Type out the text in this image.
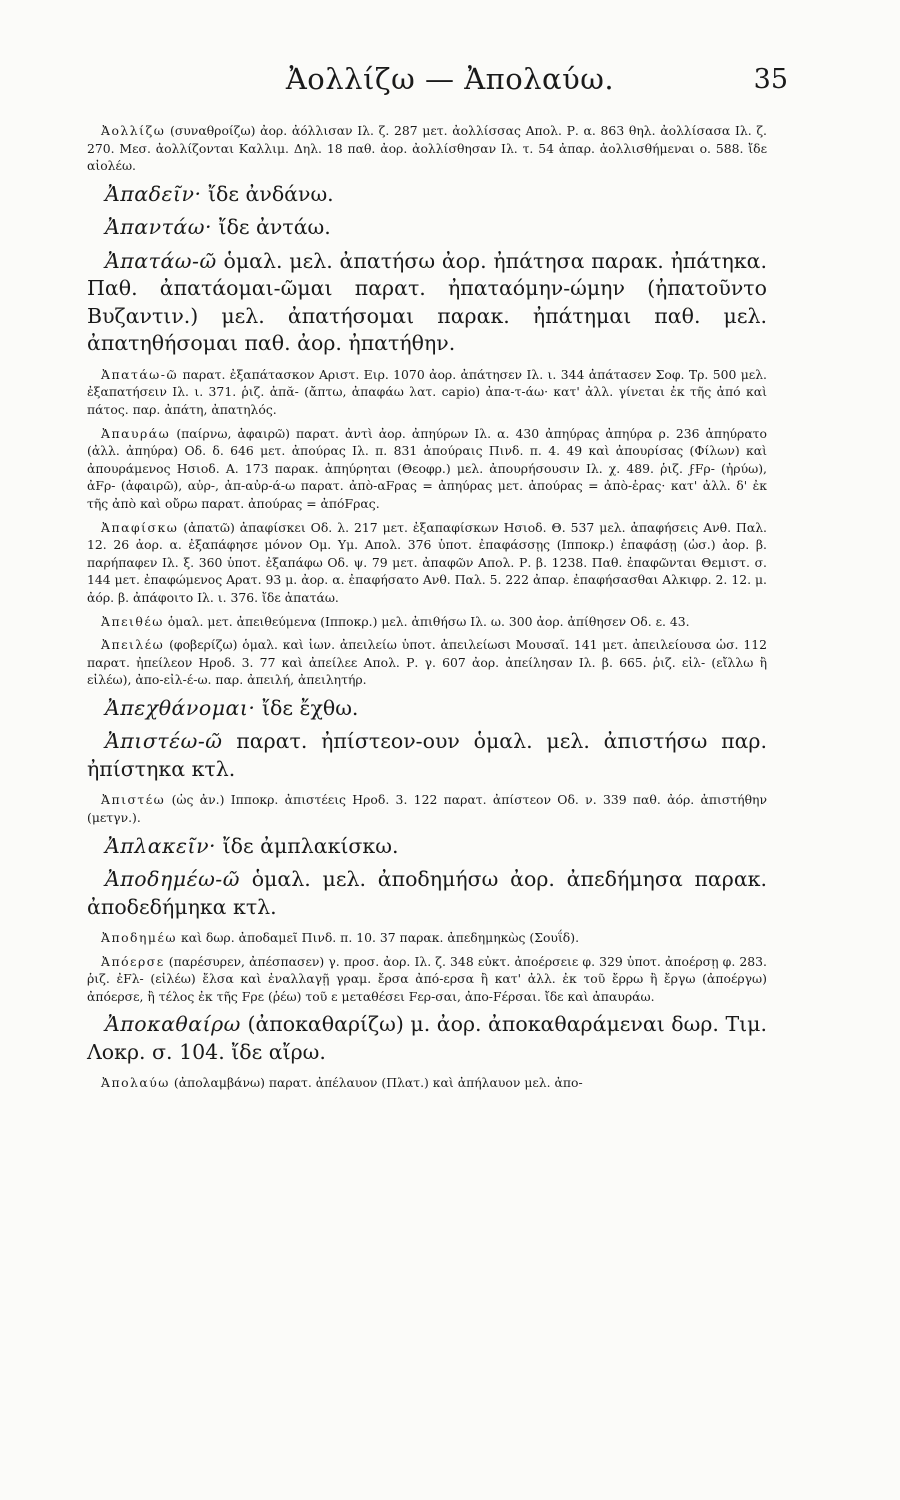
Ἀολλίζω — Ἀπολαύω.	35

Ἀολλίζω (συναθροίζω) ἀορ. ἀόλλισαν Ιλ. ζ. 287 μετ. ἀολλίσσας Απολ. Ρ. α. 863 θηλ. ἀολλίσασα Ιλ. ζ. 270. Μεσ. ἀολλίζονται Καλλιμ. Δηλ. 18 παθ. ἀορ. ἀολλίσθησαν Ιλ. τ. 54 ἀπαρ. ἀολλισθήμεναι ο. 588. ἴδε αἰολέω.

Ἀπαδεῖν· ἴδε ἀνδάνω.

Ἀπαντάω· ἴδε ἀντάω.

Ἀπατάω-ῶ ὁμαλ. μελ. ἀπατήσω ἀορ. ἠπάτησα παρακ. ἠπάτηκα. Παθ. ἀπατάομαι-ῶμαι παρατ. ἠπαταόμην-ώμην (ἠπατοῦντο Βυζαντιν.) μελ. ἀπατήσομαι παρακ. ἠπάτημαι παθ. μελ. ἀπατηθήσομαι παθ. ἀορ. ἠπατήθην.

Ἀπατάω-ῶ παρατ. ἐξαπάτασκον Αριστ. Ειρ. 1070 ἀορ. ἀπάτησεν Ιλ. ι. 344 ἀπάτασεν Σοφ. Τρ. 500 μελ. ἐξαπατήσειν Ιλ. ι. 371. ῥιζ. ἀπᾰ- (ἄπτω, ἀπαφάω λατ. capio) ἀπα-τ-άω· κατ' ἀλλ. γίνεται ἐκ τῆς ἀπό καὶ πάτος. παρ. ἀπάτη, ἀπατηλός.

Ἀπαυράω (παίρνω, ἀφαιρῶ) παρατ. ἀντὶ ἀορ. ἀπηύρων Ιλ. α. 430 ἀπηύρας ἀπηύρα ρ. 236 ἀπηύρατο (ἀλλ. ἀπηύρα) Οδ. δ. 646 μετ. ἀπούρας Ιλ. π. 831 ἀπούραις Πινδ. π. 4. 49 καὶ ἀπουρίσας (Φίλων) καὶ ἀπουράμενος Ησιοδ. Α. 173 παρακ. ἀπηύρηται (Θεοφρ.) μελ. ἀπουρήσουσιν Ιλ. χ. 489. ῥιζ. ϝFρ- (ἠρύω), ἀFρ- (ἀφαιρῶ), αὐρ-, ἀπ-αὐρ-ά-ω παρατ. ἀπὸ-αFρας = ἀπηύρας μετ. ἀπούρας = ἀπὸ-ἑρας· κατ' ἀλλ. δ' ἐκ τῆς ἀπὸ καὶ οὔρω παρατ. ἀπούρας = ἀπόFρας.

Ἀπαφίσκω (ἀπατῶ) ἀπαφίσκει Οδ. λ. 217 μετ. ἐξαπαφίσκων Ησιοδ. Θ. 537 μελ. ἀπαφήσεις Ανθ. Παλ. 12. 26 ἀορ. α. ἐξαπάφησε μόνον Ομ. Υμ. Απολ. 376 ὑποτ. ἐπαφάσσῃς (Ιπποκρ.) ἐπαφάσῃ (ὡσ.) ἀορ. β. παρήπαφεν Ιλ. ξ. 360 ὑποτ. ἐξαπάφω Οδ. ψ. 79 μετ. ἀπαφῶν Απολ. Ρ. β. 1238. Παθ. ἐπαφῶνται Θεμιστ. σ. 144 μετ. ἐπαφώμενος Αρατ. 93 μ. ἀορ. α. ἐπαφήσατο Ανθ. Παλ. 5. 222 ἀπαρ. ἐπαφήσασθαι Αλκιφρ. 2. 12. μ. ἀόρ. β. ἀπάφοιτο Ιλ. ι. 376. ἴδε ἀπατάω.

Ἀπειθέω ὁμαλ. μετ. ἀπειθεύμενα (Ιπποκρ.) μελ. ἀπιθήσω Ιλ. ω. 300 ἀορ. ἀπίθησεν Οδ. ε. 43.

Ἀπειλέω (φοβερίζω) ὁμαλ. καὶ ἰων. ἀπειλείω ὑποτ. ἀπειλείωσι Μουσαῖ. 141 μετ. ἀπειλείουσα ὡσ. 112 παρατ. ἠπείλεον Ηροδ. 3. 77 καὶ ἀπείλεε Απολ. Ρ. γ. 607 ἀορ. ἀπείλησαν Ιλ. β. 665. ῥιζ. εἰλ- (εἴλλω ἢ εἰλέω), ἀπο-εἰλ-έ-ω. παρ. ἀπειλή, ἀπειλητήρ.

Ἀπεχθάνομαι· ἴδε ἔχθω.

Ἀπιστέω-ῶ παρατ. ἠπίστεον-ουν ὁμαλ. μελ. ἀπιστήσω παρ. ἠπίστηκα κτλ.

Ἀπιστέω (ὡς ἀν.) Ιπποκρ. ἀπιστέεις Ηροδ. 3. 122 παρατ. ἀπίστεον Οδ. ν. 339 παθ. ἀόρ. ἀπιστήθην (μετγν.).

Ἀπλακεῖν· ἴδε ἀμπλακίσκω.

Ἀποδημέω-ῶ ὁμαλ. μελ. ἀποδημήσω ἀορ. ἀπεδήμησα παρακ. ἀποδεδήμηκα κτλ.

Ἀποδημέω καὶ δωρ. ἀποδαμεῖ Πινδ. π. 10. 37 παρακ. ἀπεδημηκὼς (Σουΐδ).

Ἀπόερσε (παρέσυρεν, ἀπέσπασεν) γ. προσ. ἀορ. Ιλ. ζ. 348 εὐκτ. ἀποέρσειε φ. 329 ὑποτ. ἀποέρσῃ φ. 283. ῥιζ. ἐFλ- (εἰλέω) ἔλσα καὶ ἐναλλαγῇ γραμ. ἔρσα ἀπό-ερσα ἢ κατ' ἀλλ. ἐκ τοῦ ἔρρω ἢ ἔργω (ἀποέργω) ἀπόερσε, ἢ τέλος ἐκ τῆς Fρε (ῥέω) τοῦ ε μεταθέσει Fερ-σαι, ἀπο-Fέρσαι. ἴδε καὶ ἀπαυράω.

Ἀποκαθαίρω (ἀποκαθαρίζω) μ. ἀορ. ἀποκαθαράμεναι δωρ. Τιμ. Λοκρ. σ. 104. ἴδε αἴρω.

Ἀπολαύω (ἀπολαμβάνω) παρατ. ἀπέλαυον (Πλατ.) καὶ ἀπήλαυον μελ. ἀπο-
